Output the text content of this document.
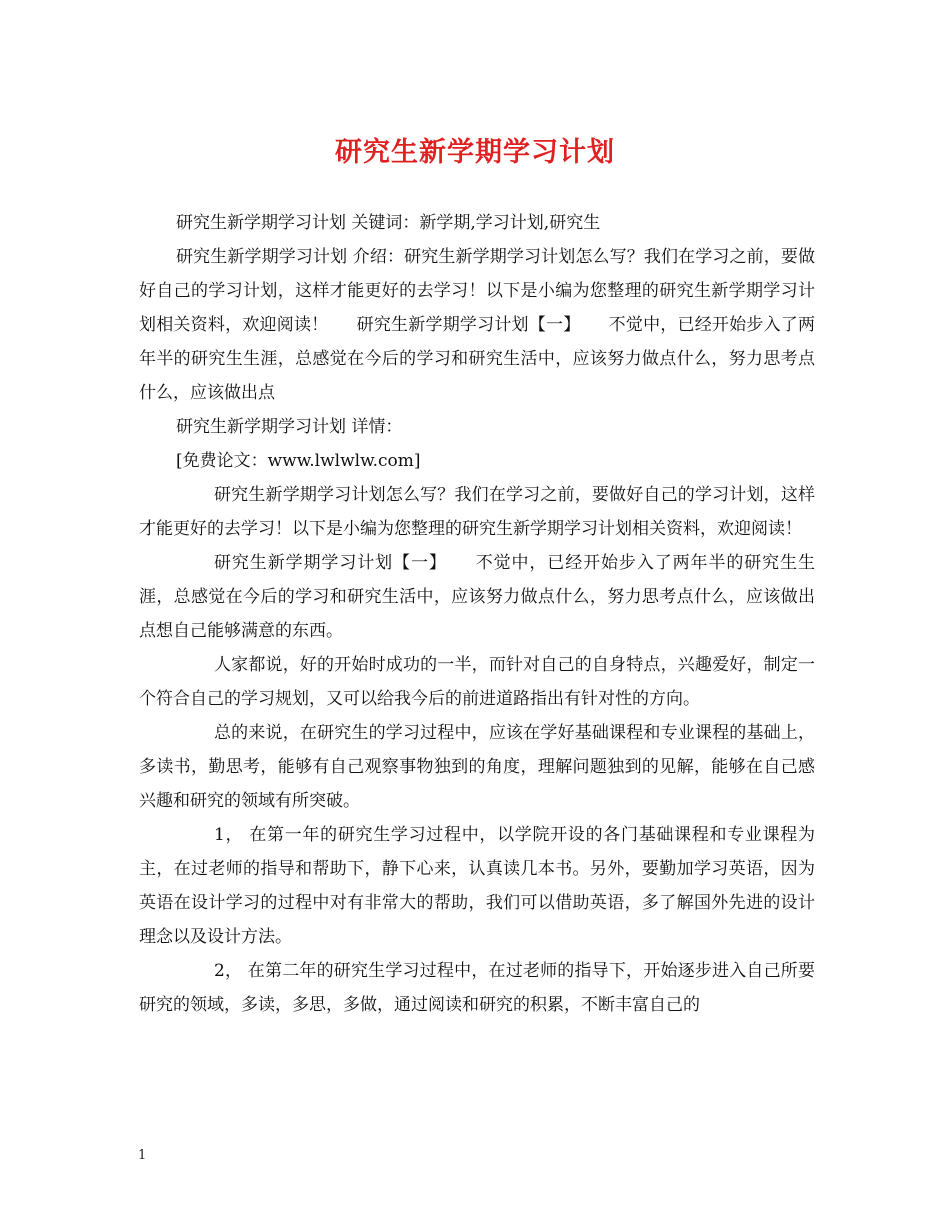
研究生新学期学习计划

研究生新学期学习计划 关键词：新学期,学习计划,研究生

研究生新学期学习计划 介绍：研究生新学期学习计划怎么写？我们在学习之前，要做好自己的学习计划，这样才能更好的去学习！以下是小编为您整理的研究生新学期学习计划相关资料，欢迎阅读！ 研究生新学期学习计划【一】 不觉中，已经开始步入了两年半的研究生生涯，总感觉在今后的学习和研究生活中，应该努力做点什么，努力思考点什么，应该做出点

研究生新学期学习计划 详情：

[免费论文：www.lwlwlw.com]

研究生新学期学习计划怎么写？我们在学习之前，要做好自己的学习计划，这样才能更好的去学习！以下是小编为您整理的研究生新学期学习计划相关资料，欢迎阅读！

研究生新学期学习计划【一】 不觉中，已经开始步入了两年半的研究生生涯，总感觉在今后的学习和研究生活中，应该努力做点什么，努力思考点什么，应该做出点想自己能够满意的东西。

人家都说，好的开始时成功的一半，而针对自己的自身特点，兴趣爱好，制定一个符合自己的学习规划，又可以给我今后的前进道路指出有针对性的方向。

总的来说，在研究生的学习过程中，应该在学好基础课程和专业课程的基础上，多读书，勤思考，能够有自己观察事物独到的角度，理解问题独到的见解，能够在自己感兴趣和研究的领域有所突破。

1， 在第一年的研究生学习过程中，以学院开设的各门基础课程和专业课程为主，在过老师的指导和帮助下，静下心来，认真读几本书。另外，要勤加学习英语，因为英语在设计学习的过程中对有非常大的帮助，我们可以借助英语，多了解国外先进的设计理念以及设计方法。

2， 在第二年的研究生学习过程中，在过老师的指导下，开始逐步进入自己所要研究的领域，多读，多思，多做，通过阅读和研究的积累，不断丰富自己的

1
